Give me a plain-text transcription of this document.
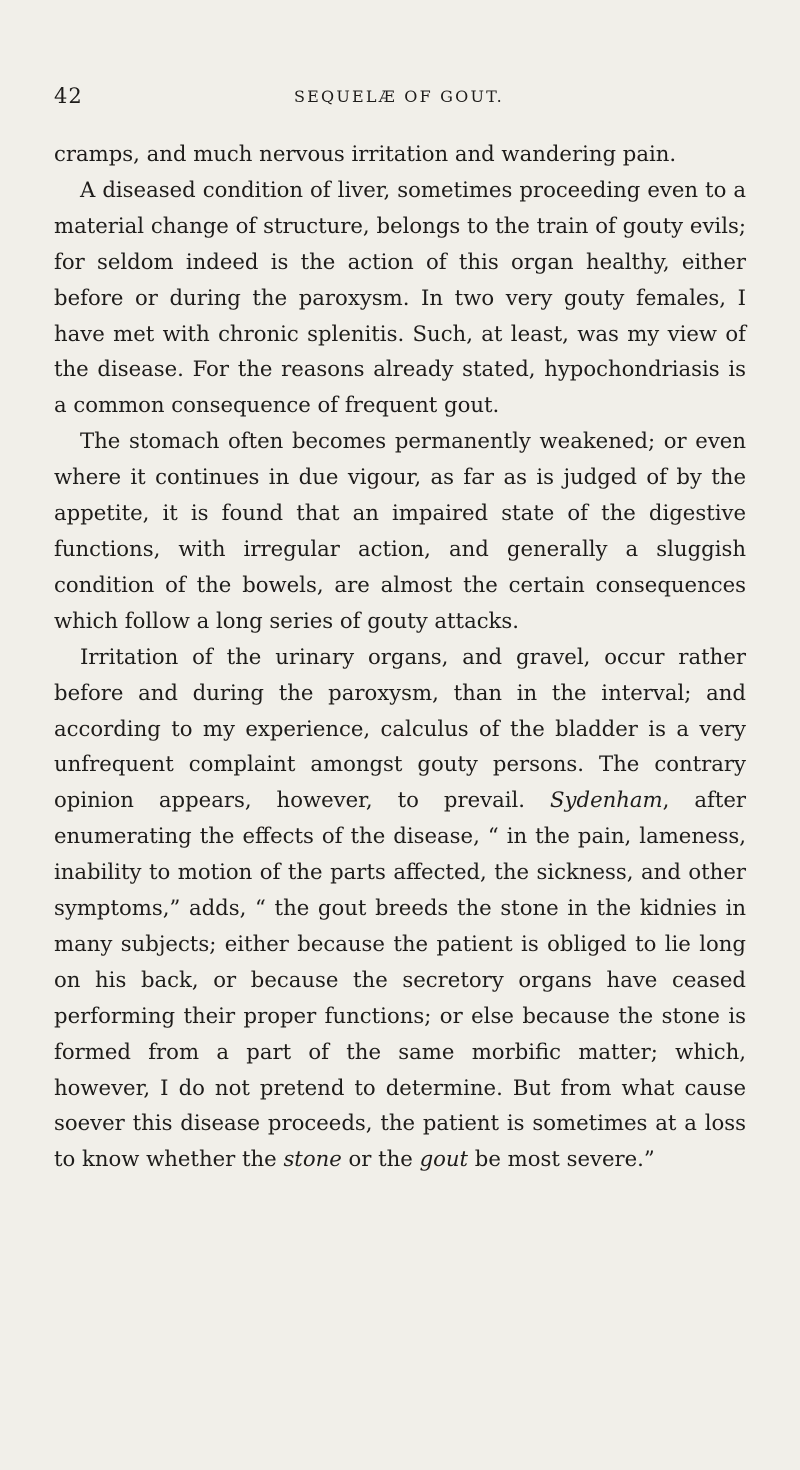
42	SEQUELÆ OF GOUT.

cramps, and much nervous irritation and wandering pain.

A diseased condition of liver, sometimes proceeding even to a material change of structure, belongs to the train of gouty evils; for seldom indeed is the action of this organ healthy, either before or during the paroxysm. In two very gouty females, I have met with chronic splenitis. Such, at least, was my view of the disease. For the reasons already stated, hypochondriasis is a common consequence of frequent gout.

The stomach often becomes permanently weakened; or even where it continues in due vigour, as far as is judged of by the appetite, it is found that an impaired state of the digestive functions, with irregular action, and generally a sluggish condition of the bowels, are almost the certain consequences which follow a long series of gouty attacks.

Irritation of the urinary organs, and gravel, occur rather before and during the paroxysm, than in the interval; and according to my experience, calculus of the bladder is a very unfrequent complaint amongst gouty persons. The contrary opinion appears, however, to prevail. Sydenham, after enumerating the effects of the disease, “ in the pain, lameness, inability to motion of the parts affected, the sickness, and other symptoms,” adds, “ the gout breeds the stone in the kidnies in many subjects; either because the patient is obliged to lie long on his back, or because the secretory organs have ceased performing their proper functions; or else because the stone is formed from a part of the same morbific matter; which, however, I do not pretend to determine. But from what cause soever this disease proceeds, the patient is sometimes at a loss to know whether the stone or the gout be most severe.”
